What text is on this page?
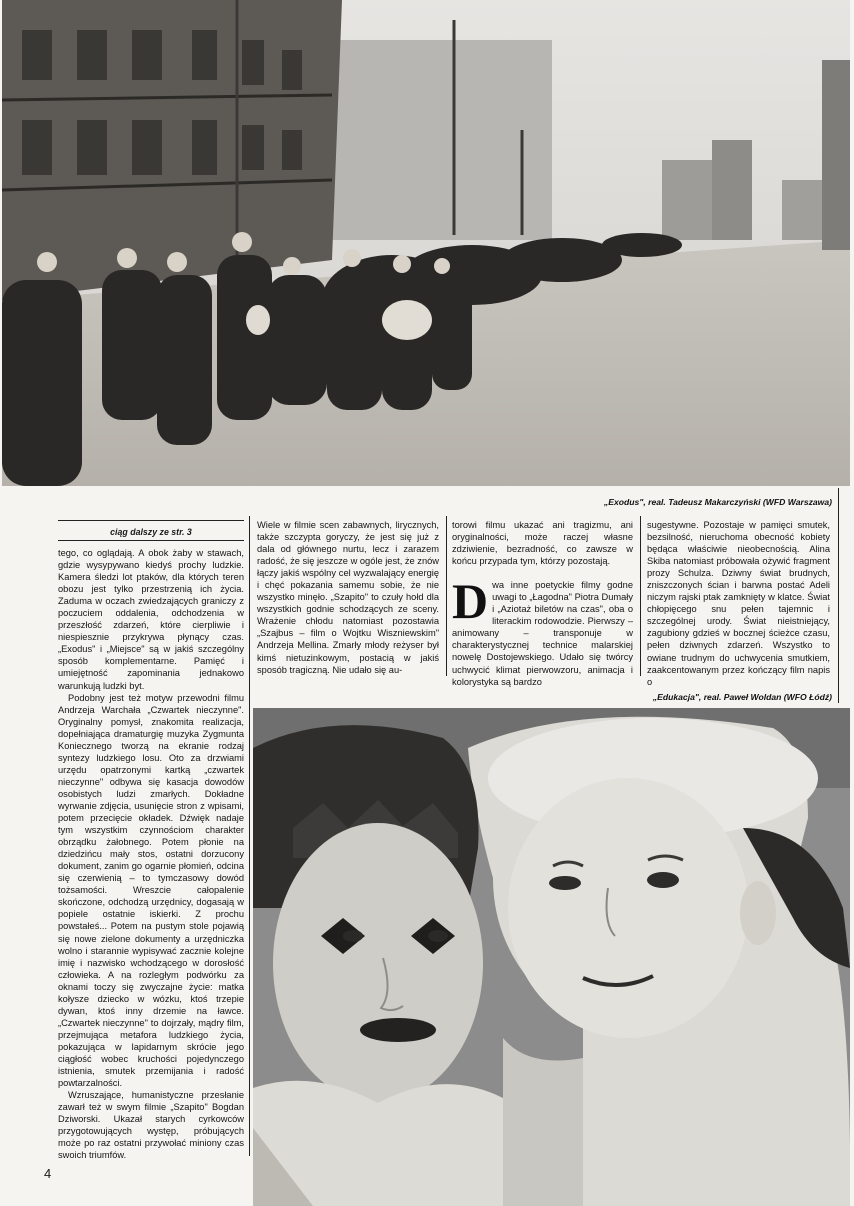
„Exodus", real. Tadeusz Makarczyński (WFD Warszawa)
ciąg dalszy ze str. 3

tego, co oglądają. A obok żaby w stawach, gdzie wysypywano kiedyś prochy ludzkie. Kamera śledzi lot ptaków, dla których teren obozu jest tylko przestrzenią ich życia. Zaduma w oczach zwiedzających graniczy z poczuciem oddalenia, odchodzenia w przeszłość zdarzeń, które cierpliwie i niespiesznie przykrywa płynący czas. „Exodus" i „Miejsce" są w jakiś szczególny sposób komplementarne. Pamięć i umiejętność zapominania jednakowo warunkują ludzki byt.

Podobny jest też motyw przewodni filmu Andrzeja Warchała „Czwartek nieczynne". Oryginalny pomysł, znakomita realizacja, dopełniająca dramaturgię muzyka Zygmunta Koniecznego tworzą na ekranie rodzaj syntezy ludzkiego losu. Oto za drzwiami urzędu opatrzonymi kartką „czwartek nieczynne" odbywa się kasacja dowodów osobistych ludzi zmarłych. Dokładne wyrwanie zdjęcia, usunięcie stron z wpisami, potem przecięcie okładek. Dźwięk nadaje tym wszystkim czynnościom charakter obrządku żałobnego. Potem płonie na dziedzińcu mały stos, ostatni dorzucony dokument, zanim go ogarnie płomień, odcina się czerwienią – to tymczasowy dowód tożsamości. Wreszcie całopalenie skończone, odchodzą urzędnicy, dogasają w popiele ostatnie iskierki. Z prochu powstałeś... Potem na pustym stole pojawią się nowe zielone dokumenty a urzędniczka wolno i starannie wypisywać zacznie kolejne imię i nazwisko wchodzącego w dorosłość człowieka. A na rozległym podwórku za oknami toczy się zwyczajne życie: matka kołysze dziecko w wózku, ktoś trzepie dywan, ktoś inny drzemie na ławce. „Czwartek nieczynne" to dojrzały, mądry film, przejmująca metafora ludzkiego życia, pokazująca w lapidarnym skrócie jego ciągłość wobec kruchości pojedynczego istnienia, smutek przemijania i radość powtarzalności.

Wzruszające, humanistyczne przesłanie zawarł też w swym filmie „Szapito" Bogdan Dziworski. Ukazał starych cyrkowców przygotowujących występ, próbujących może po raz ostatni przywołać miniony czas swoich triumfów.

Wiele w filmie scen zabawnych, lirycznych, także szczypta goryczy, że jest się już z dala od głównego nurtu, lecz i zarazem radość, że się jeszcze w ogóle jest, że znów łączy jakiś wspólny cel wyzwalający energię i chęć pokazania samemu sobie, że nie wszystko minęło. „Szapito" to czuły hołd dla wszystkich godnie schodzących ze sceny. Wrażenie chłodu natomiast pozostawia „Szajbus – film o Wojtku Wiszniewskim" Andrzeja Mellina. Zmarły młody reżyser był kimś nietuzinkowym, postacią w jakiś sposób tragiczną. Nie udało się au-

torowi filmu ukazać ani tragizmu, ani oryginalności, może raczej własne zdziwienie, bezradność, co zawsze w końcu przypada tym, którzy pozostają.

Dwa inne poetyckie filmy godne uwagi to „Łagodna" Piotra Dumały i „Aziotaż biletów na czas", oba o literackim rodowodzie. Pierwszy – animowany – transponuje w charakterystycznej technice malarskiej nowelę Dostojewskiego. Udało się twórcy uchwycić klimat pierwowzoru, animacja i kolorystyka są bardzo

sugestywne. Pozostaje w pamięci smutek, bezsilność, nieruchoma obecność kobiety będąca właściwie nieobecnością. Alina Skiba natomiast próbowała ożywić fragment prozy Schulza. Dziwny świat brudnych, zniszczonych ścian i barwna postać Adeli niczym rajski ptak zamknięty w klatce. Świat chłopięcego snu pełen tajemnic i szczególnej urody. Świat nieistniejący, zagubiony gdzieś w bocznej ścieżce czasu, pełen dziwnych zdarzeń. Wszystko to owiane trudnym do uchwycenia smutkiem, zaakcentowanym przez kończący film napis o

„Edukacja", real. Paweł Woldan (WFO Łódź)
4
